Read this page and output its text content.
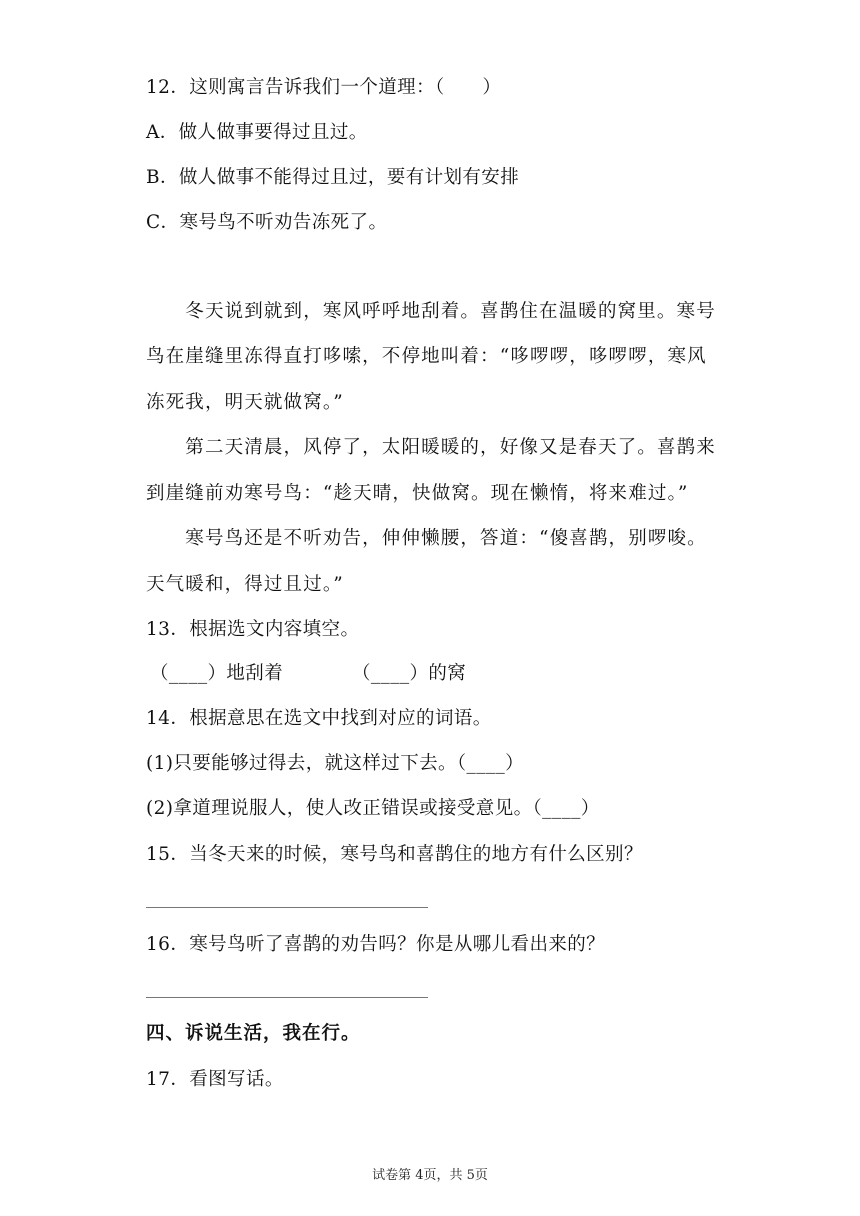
12．这则寓言告诉我们一个道理：（　　）
A．做人做事要得过且过。
B．做人做事不能得过且过，要有计划有安排
C．寒号鸟不听劝告冻死了。
　　冬天说到就到，寒风呼呼地刮着。喜鹊住在温暖的窝里。寒号
鸟在崖缝里冻得直打哆嗦，不停地叫着：“哆啰啰，哆啰啰，寒风
冻死我，明天就做窝。”
　　第二天清晨，风停了，太阳暖暖的，好像又是春天了。喜鹊来
到崖缝前劝寒号鸟：“趁天晴，快做窝。现在懒惰，将来难过。”
　　寒号鸟还是不听劝告，伸伸懒腰，答道：“傻喜鹊，别啰唆。
天气暖和，得过且过。”
13．根据选文内容填空。
（____）地刮着	（____）的窝
14．根据意思在选文中找到对应的词语。
(1)只要能够过得去，就这样过下去。（____）
(2)拿道理说服人，使人改正错误或接受意见。（____）
15．当冬天来的时候，寒号鸟和喜鹊住的地方有什么区别？
16．寒号鸟听了喜鹊的劝告吗？你是从哪儿看出来的？
四、诉说生活，我在行。
17．看图写话。
试卷第 4页，共 5页
